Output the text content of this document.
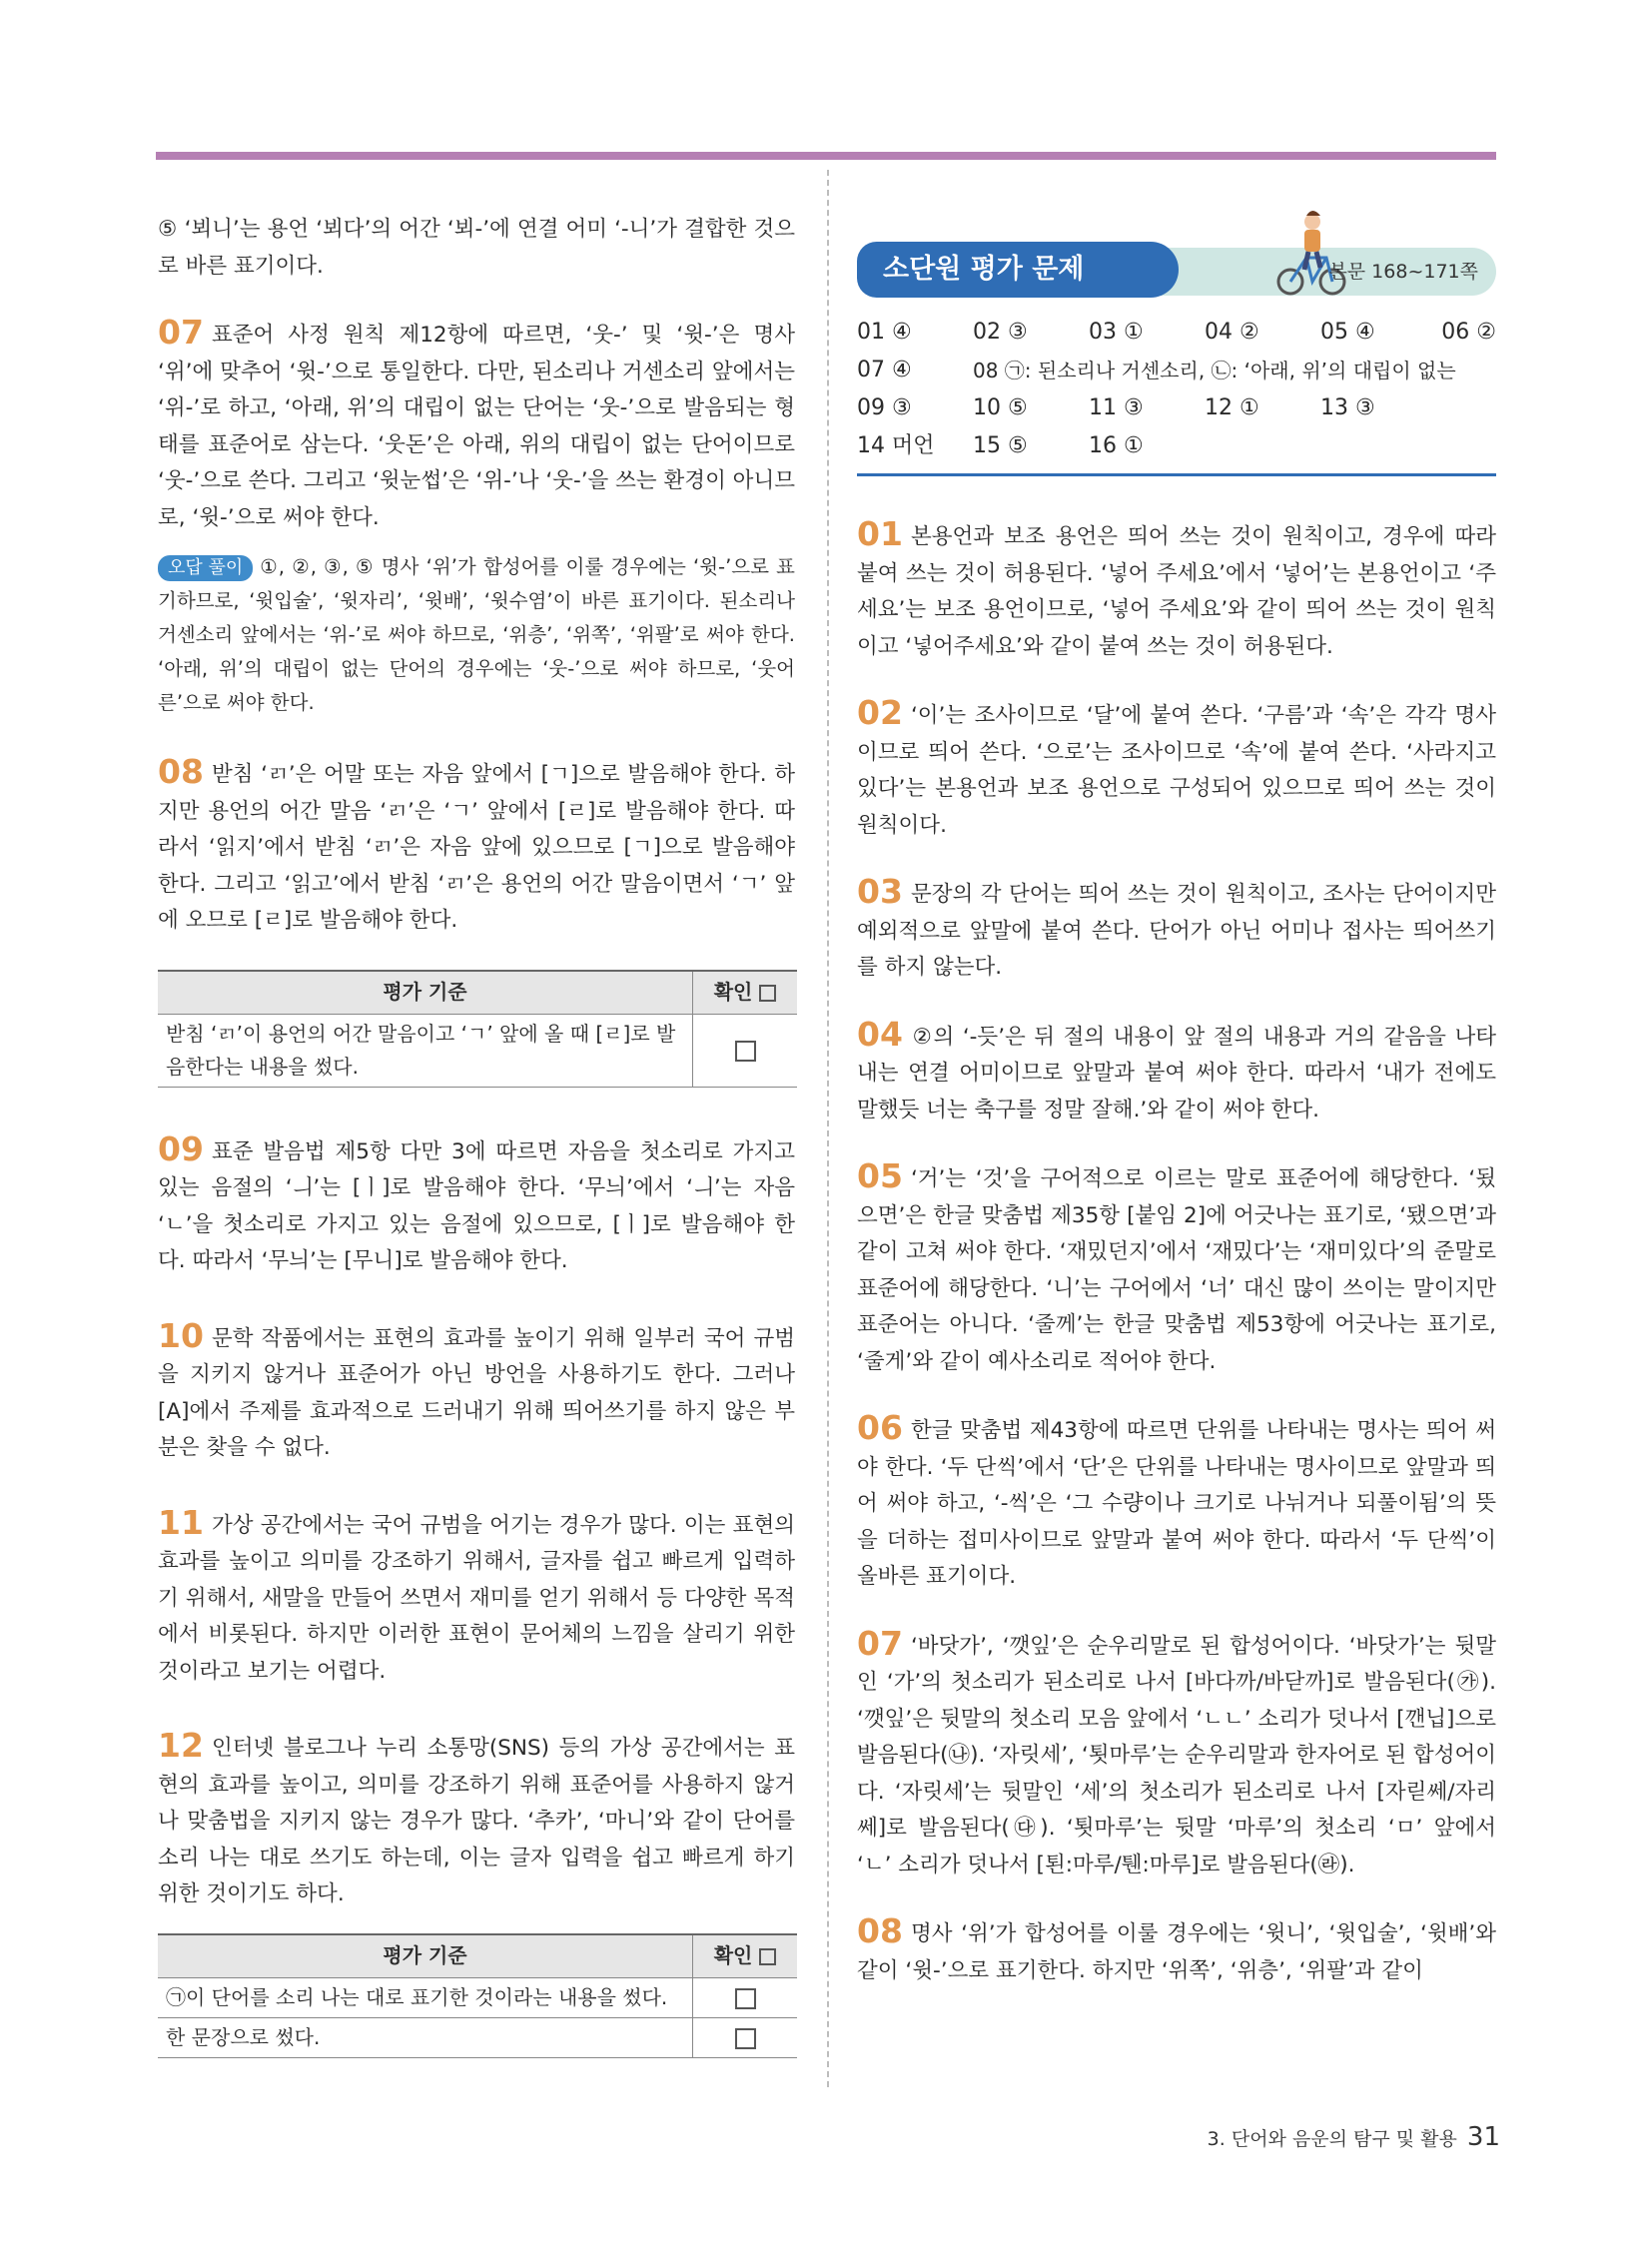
⑤ ‘뵈니’는 용언 ‘뵈다’의 어간 ‘뵈-’에 연결 어미 ‘-니’가 결합한 것으로 바른 표기이다.

07 표준어 사정 원칙 제12항에 따르면, ‘웃-’ 및 ‘윗-’은 명사 ‘위’에 맞추어 ‘윗-’으로 통일한다. 다만, 된소리나 거센소리 앞에서는 ‘위-’로 하고, ‘아래, 위’의 대립이 없는 단어는 ‘웃-’으로 발음되는 형태를 표준어로 삼는다. ‘웃돈’은 아래, 위의 대립이 없는 단어이므로 ‘웃-’으로 쓴다. 그리고 ‘윗눈썹’은 ‘위-’나 ‘웃-’을 쓰는 환경이 아니므로, ‘윗-’으로 써야 한다.

오답 풀이 ①, ②, ③, ⑤ 명사 ‘위’가 합성어를 이룰 경우에는 ‘윗-’으로 표기하므로, ‘윗입술’, ‘윗자리’, ‘윗배’, ‘윗수염’이 바른 표기이다. 된소리나 거센소리 앞에서는 ‘위-’로 써야 하므로, ‘위층’, ‘위쪽’, ‘위팔’로 써야 한다. ‘아래, 위’의 대립이 없는 단어의 경우에는 ‘웃-’으로 써야 하므로, ‘웃어른’으로 써야 한다.

08 받침 ‘ㄺ’은 어말 또는 자음 앞에서 [ㄱ]으로 발음해야 한다. 하지만 용언의 어간 말음 ‘ㄺ’은 ‘ㄱ’ 앞에서 [ㄹ]로 발음해야 한다. 따라서 ‘읽지’에서 받침 ‘ㄺ’은 자음 앞에 있으므로 [ㄱ]으로 발음해야 한다. 그리고 ‘읽고’에서 받침 ‘ㄺ’은 용언의 어간 말음이면서 ‘ㄱ’ 앞에 오므로 [ㄹ]로 발음해야 한다.

평가 기준	확인
받침 ‘ㄺ’이 용언의 어간 말음이고 ‘ㄱ’ 앞에 올 때 [ㄹ]로 발음한다는 내용을 썼다.	

09 표준 발음법 제5항 다만 3에 따르면 자음을 첫소리로 가지고 있는 음절의 ‘ㅢ’는 [ㅣ]로 발음해야 한다. ‘무늬’에서 ‘ㅢ’는 자음 ‘ㄴ’을 첫소리로 가지고 있는 음절에 있으므로, [ㅣ]로 발음해야 한다. 따라서 ‘무늬’는 [무니]로 발음해야 한다.

10 문학 작품에서는 표현의 효과를 높이기 위해 일부러 국어 규범을 지키지 않거나 표준어가 아닌 방언을 사용하기도 한다. 그러나 [A]에서 주제를 효과적으로 드러내기 위해 띄어쓰기를 하지 않은 부분은 찾을 수 없다.

11 가상 공간에서는 국어 규범을 어기는 경우가 많다. 이는 표현의 효과를 높이고 의미를 강조하기 위해서, 글자를 쉽고 빠르게 입력하기 위해서, 새말을 만들어 쓰면서 재미를 얻기 위해서 등 다양한 목적에서 비롯된다. 하지만 이러한 표현이 문어체의 느낌을 살리기 위한 것이라고 보기는 어렵다.

12 인터넷 블로그나 누리 소통망(SNS) 등의 가상 공간에서는 표현의 효과를 높이고, 의미를 강조하기 위해 표준어를 사용하지 않거나 맞춤법을 지키지 않는 경우가 많다. ‘추카’, ‘마니’와 같이 단어를 소리 나는 대로 쓰기도 하는데, 이는 글자 입력을 쉽고 빠르게 하기 위한 것이기도 하다.

평가 기준	확인
㉠이 단어를 소리 나는 대로 표기한 것이라는 내용을 썼다.	
한 문장으로 썼다.	
소단원 평가 문제	본문 168~171쪽
01 ④	02 ③	03 ①	04 ②	05 ④	06 ②
07 ④	08 ㉠: 된소리나 거센소리, ㉡: ‘아래, 위’의 대립이 없는
09 ③	10 ⑤	11 ③	12 ①	13 ③
14 머언	15 ⑤	16 ①

01 본용언과 보조 용언은 띄어 쓰는 것이 원칙이고, 경우에 따라 붙여 쓰는 것이 허용된다. ‘넣어 주세요’에서 ‘넣어’는 본용언이고 ‘주세요’는 보조 용언이므로, ‘넣어 주세요’와 같이 띄어 쓰는 것이 원칙이고 ‘넣어주세요’와 같이 붙여 쓰는 것이 허용된다.

02 ‘이’는 조사이므로 ‘달’에 붙여 쓴다. ‘구름’과 ‘속’은 각각 명사이므로 띄어 쓴다. ‘으로’는 조사이므로 ‘속’에 붙여 쓴다. ‘사라지고 있다’는 본용언과 보조 용언으로 구성되어 있으므로 띄어 쓰는 것이 원칙이다.

03 문장의 각 단어는 띄어 쓰는 것이 원칙이고, 조사는 단어이지만 예외적으로 앞말에 붙여 쓴다. 단어가 아닌 어미나 접사는 띄어쓰기를 하지 않는다.

04 ②의 ‘-듯’은 뒤 절의 내용이 앞 절의 내용과 거의 같음을 나타내는 연결 어미이므로 앞말과 붙여 써야 한다. 따라서 ‘내가 전에도 말했듯 너는 축구를 정말 잘해.’와 같이 써야 한다.

05 ‘거’는 ‘것’을 구어적으로 이르는 말로 표준어에 해당한다. ‘됬으면’은 한글 맞춤법 제35항 [붙임 2]에 어긋나는 표기로, ‘됐으면’과 같이 고쳐 써야 한다. ‘재밌던지’에서 ‘재밌다’는 ‘재미있다’의 준말로 표준어에 해당한다. ‘니’는 구어에서 ‘너’ 대신 많이 쓰이는 말이지만 표준어는 아니다. ‘줄께’는 한글 맞춤법 제53항에 어긋나는 표기로, ‘줄게’와 같이 예사소리로 적어야 한다.

06 한글 맞춤법 제43항에 따르면 단위를 나타내는 명사는 띄어 써야 한다. ‘두 단씩’에서 ‘단’은 단위를 나타내는 명사이므로 앞말과 띄어 써야 하고, ‘-씩’은 ‘그 수량이나 크기로 나뉘거나 되풀이됨’의 뜻을 더하는 접미사이므로 앞말과 붙여 써야 한다. 따라서 ‘두 단씩’이 올바른 표기이다.

07 ‘바닷가’, ‘깻잎’은 순우리말로 된 합성어이다. ‘바닷가’는 뒷말인 ‘가’의 첫소리가 된소리로 나서 [바다까/바닫까]로 발음된다(㉮). ‘깻잎’은 뒷말의 첫소리 모음 앞에서 ‘ㄴㄴ’ 소리가 덧나서 [깬닙]으로 발음된다(㉯). ‘자릿세’, ‘툇마루’는 순우리말과 한자어로 된 합성어이다. ‘자릿세’는 뒷말인 ‘세’의 첫소리가 된소리로 나서 [자릳쎄/자리쎄]로 발음된다(㉰). ‘툇마루’는 뒷말 ‘마루’의 첫소리 ‘ㅁ’ 앞에서 ‘ㄴ’ 소리가 덧나서 [퇸:마루/퉨:마루]로 발음된다(㉱).

08 명사 ‘위’가 합성어를 이룰 경우에는 ‘윗니’, ‘윗입술’, ‘윗배’와 같이 ‘윗-’으로 표기한다. 하지만 ‘위쪽’, ‘위층’, ‘위팔’과 같이

3. 단어와 음운의 탐구 및 활용 31
